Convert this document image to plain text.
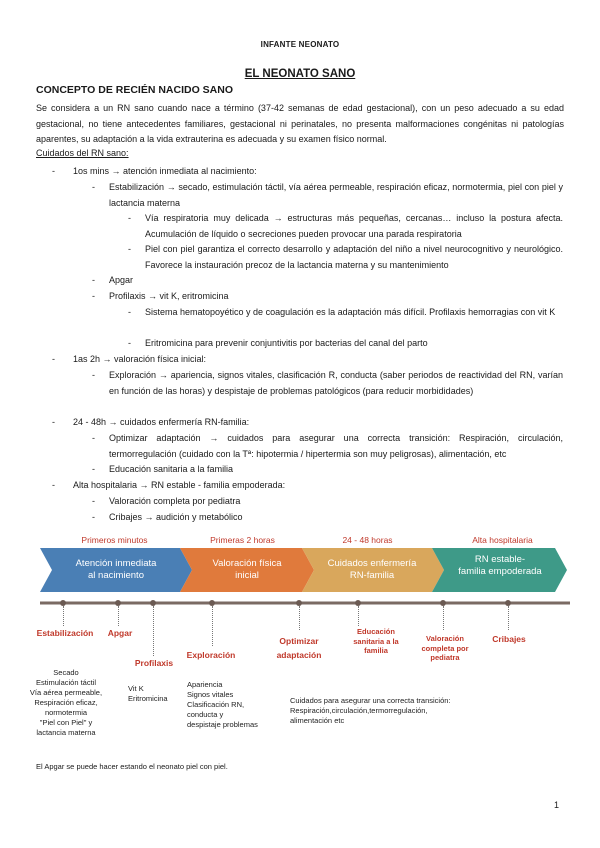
INFANTE NEONATO
EL NEONATO SANO
CONCEPTO DE RECIÉN NACIDO SANO
Se considera a un RN sano cuando nace a término (37-42 semanas de edad gestacional), con un peso adecuado a su edad gestacional, no tiene antecedentes familiares, gestacional ni perinatales, no presenta malformaciones congénitas ni patologías aparentes, su adaptación a la vida extrauterina es adecuada y su examen físico normal.
Cuidados del RN sano:
- 1os mins → atención inmediata al nacimiento:
- Estabilización → secado, estimulación táctil, vía aérea permeable, respiración eficaz, normotermia, piel con piel y lactancia materna
- Vía respiratoria muy delicada → estructuras más pequeñas, cercanas… incluso la postura afecta. Acumulación de líquido o secreciones pueden provocar una parada respiratoria
- Piel con piel garantiza el correcto desarrollo y adaptación del niño a nivel neurocognitivo y neurológico. Favorece la instauración precoz de la lactancia materna y su mantenimiento
- Apgar
- Profilaxis → vit K, eritromicina
- Sistema hematopoyético y de coagulación es la adaptación más difícil. Profilaxis hemorragias con vit K
- Eritromicina para prevenir conjuntivitis por bacterias del canal del parto
- 1as 2h → valoración física inicial:
- Exploración → apariencia, signos vitales, clasificación R, conducta (saber periodos de reactividad del RN, varían en función de las horas) y despistaje de problemas patológicos (para reducir morbididades)
- 24 - 48h → cuidados enfermería RN-familia:
- Optimizar adaptación → cuidados para asegurar una correcta transición: Respiración, circulación, termorregulación (cuidado con la Tª: hipotermia / hipertermia son muy peligrosas), alimentación, etc
- Educación sanitaria a la familia
- Alta hospitalaria → RN estable - familia empoderada:
- Valoración completa por pediatra
- Cribajes → audición y metabólico
Primeros minutos	Primeras 2 horas	24 - 48 horas	Alta hospitalaria
Atención inmediata
al nacimiento
Valoración física
inicial
Cuidados enfermería
RN-familia
RN estable-
familia empoderada
Estabilización	Apgar
Profilaxis
Exploración
Optimizar
adaptación
Educación
sanitaria a la
familia
Valoración
completa por
pediatra
Cribajes
Secado
Estimulación táctil
Vía aérea permeable,
Respiración eficaz,
normotermia
"Piel con Piel" y
lactancia materna
Vit K
Eritromicina
Apariencia
Signos vitales
Clasificación RN,
conducta y
despistaje problemas
Cuidados para asegurar una correcta transición:
Respiración,circulación,termorregulación,
alimentación etc
El Apgar se puede hacer estando el neonato piel con piel.
1
